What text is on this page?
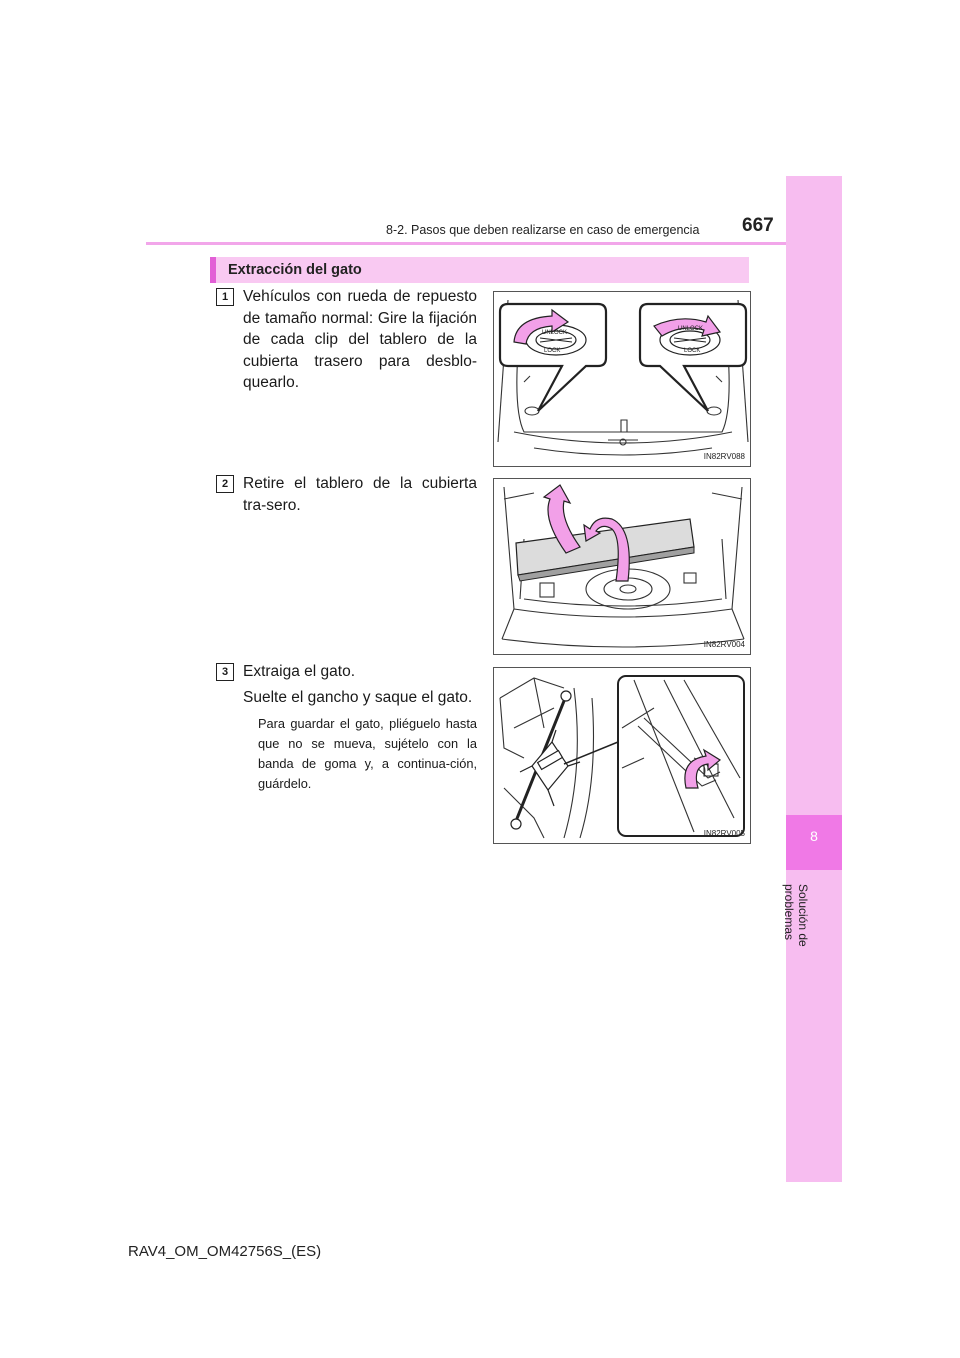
8
Solución de problemas
8-2. Pasos que deben realizarse en caso de emergencia 667
Extracción del gato
1 Vehículos con rueda de repuesto de tamaño normal: Gire la fijación de cada clip del tablero de la cubierta trasero para desblo-quearlo.
UNLOCK
LOCK
UNLOCK
LOCK
IN82RV088
2 Retire el tablero de la cubierta tra-sero.
IN82RV004
3 Extraiga el gato.
Suelte el gancho y saque el gato.
Para guardar el gato, pliéguelo hasta que no se mueva, sujételo con la banda de goma y, a continua-ción, guárdelo.
IN82RV005
RAV4_OM_OM42756S_(ES)
